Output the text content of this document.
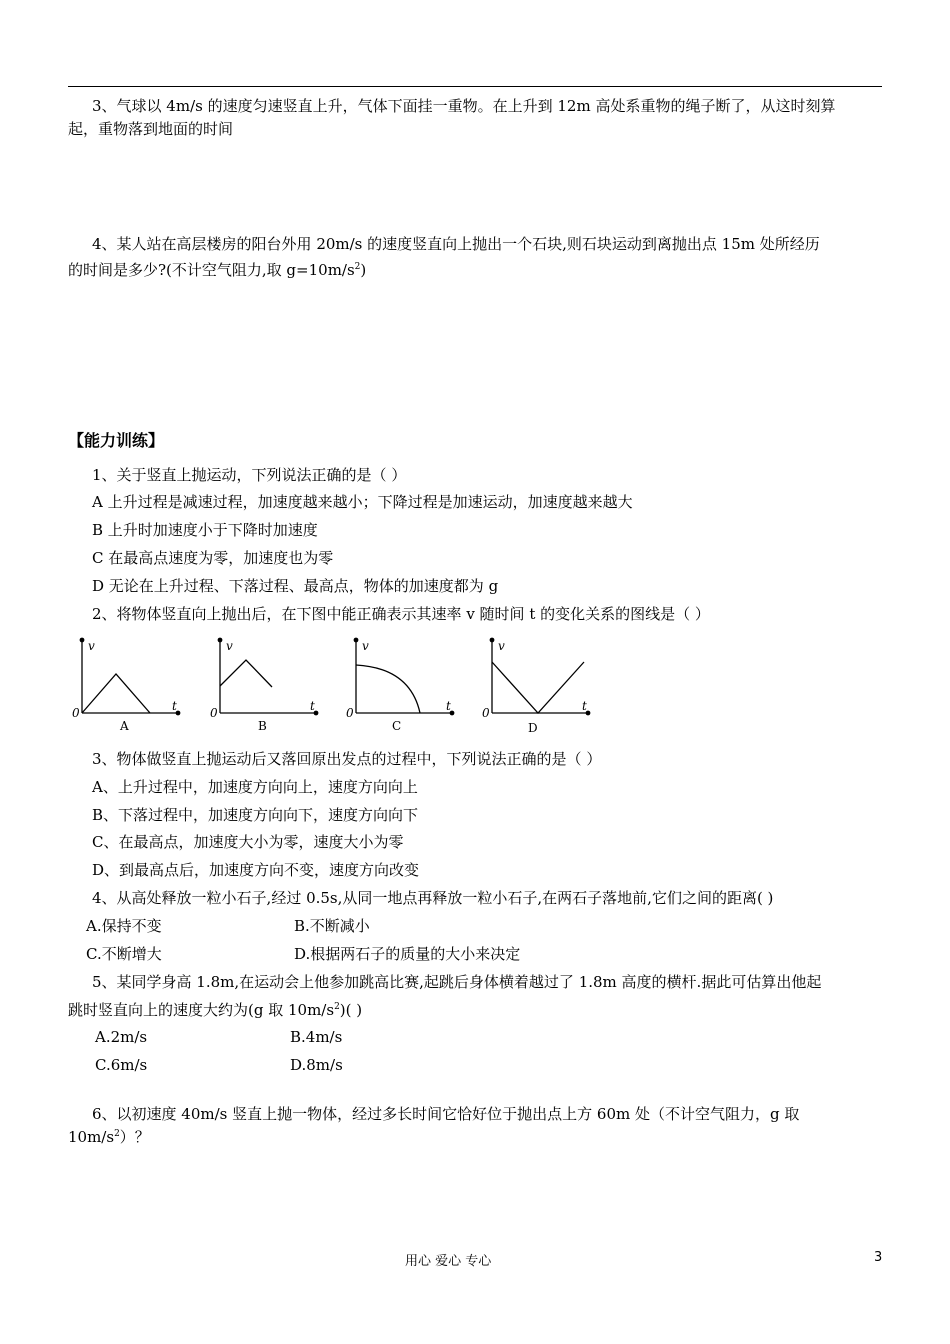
3、气球以 4m/s 的速度匀速竖直上升，气体下面挂一重物。在上升到 12m 高处系重物的绳子断了，从这时刻算
起，重物落到地面的时间
4、某人站在高层楼房的阳台外用 20m/s 的速度竖直向上抛出一个石块,则石块运动到离抛出点 15m 处所经历
的时间是多少?(不计空气阻力,取 $g=10m/s^2$)
【能力训练】
1、关于竖直上抛运动，下列说法正确的是（ ）
A 上升过程是减速过程，加速度越来越小；下降过程是加速运动，加速度越来越大
B 上升时加速度小于下降时加速度
C 在最高点速度为零，加速度也为零
D 无论在上升过程、下落过程、最高点，物体的加速度都为 g
2、将物体竖直向上抛出后，在下图中能正确表示其速率 v 随时间 t 的变化关系的图线是（ ）
v
t
0
A
v
t
0
B
v
t
0
C
v
t
0
D
3、物体做竖直上抛运动后又落回原出发点的过程中，下列说法正确的是（ ）
A、上升过程中，加速度方向向上，速度方向向上
B、下落过程中，加速度方向向下，速度方向向下
C、在最高点，加速度大小为零，速度大小为零
D、到最高点后，加速度方向不变，速度方向改变
4、从高处释放一粒小石子,经过 0.5s,从同一地点再释放一粒小石子,在两石子落地前,它们之间的距离( )
A.保持不变	B.不断减小
C.不断增大	D.根据两石子的质量的大小来决定
5、某同学身高 1.8m,在运动会上他参加跳高比赛,起跳后身体横着越过了 1.8m 高度的横杆.据此可估算出他起
跳时竖直向上的速度大约为(g 取 $10m/s^2$)( )
A.2m/s	B.4m/s
C.6m/s	D.8m/s
6、以初速度 40m/s 竖直上抛一物体，经过多长时间它恰好位于抛出点上方 60m 处（不计空气阻力，g 取
$10m/s^2$）？
用心 爱心 专心	3
